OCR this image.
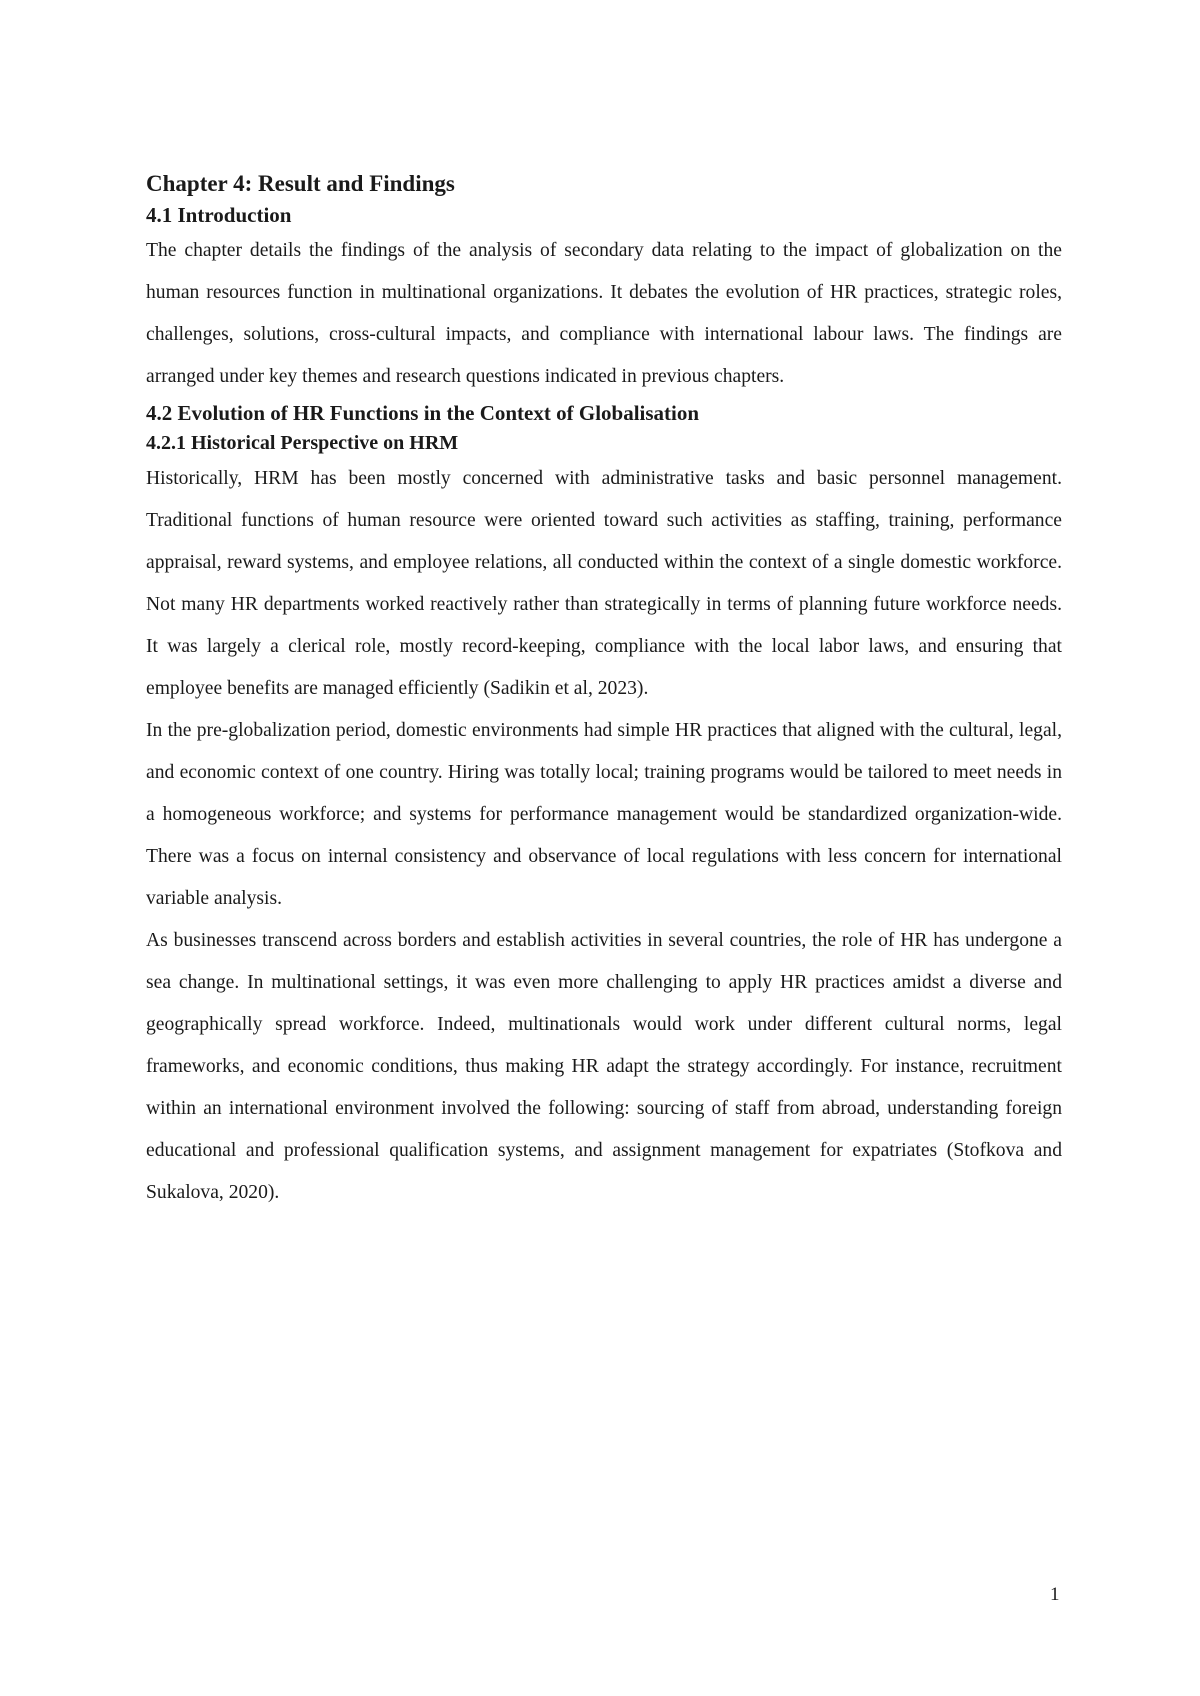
Chapter 4: Result and Findings
4.1 Introduction

The chapter details the findings of the analysis of secondary data relating to the impact of globalization on the human resources function in multinational organizations. It debates the evolution of HR practices, strategic roles, challenges, solutions, cross-cultural impacts, and compliance with international labour laws. The findings are arranged under key themes and research questions indicated in previous chapters.

4.2 Evolution of HR Functions in the Context of Globalisation
4.2.1 Historical Perspective on HRM

Historically, HRM has been mostly concerned with administrative tasks and basic personnel management. Traditional functions of human resource were oriented toward such activities as staffing, training, performance appraisal, reward systems, and employee relations, all conducted within the context of a single domestic workforce. Not many HR departments worked reactively rather than strategically in terms of planning future workforce needs. It was largely a clerical role, mostly record-keeping, compliance with the local labor laws, and ensuring that employee benefits are managed efficiently (Sadikin et al, 2023).

In the pre-globalization period, domestic environments had simple HR practices that aligned with the cultural, legal, and economic context of one country. Hiring was totally local; training programs would be tailored to meet needs in a homogeneous workforce; and systems for performance management would be standardized organization-wide. There was a focus on internal consistency and observance of local regulations with less concern for international variable analysis.

As businesses transcend across borders and establish activities in several countries, the role of HR has undergone a sea change. In multinational settings, it was even more challenging to apply HR practices amidst a diverse and geographically spread workforce. Indeed, multinationals would work under different cultural norms, legal frameworks, and economic conditions, thus making HR adapt the strategy accordingly. For instance, recruitment within an international environment involved the following: sourcing of staff from abroad, understanding foreign educational and professional qualification systems, and assignment management for expatriates (Stofkova and Sukalova, 2020).

1
